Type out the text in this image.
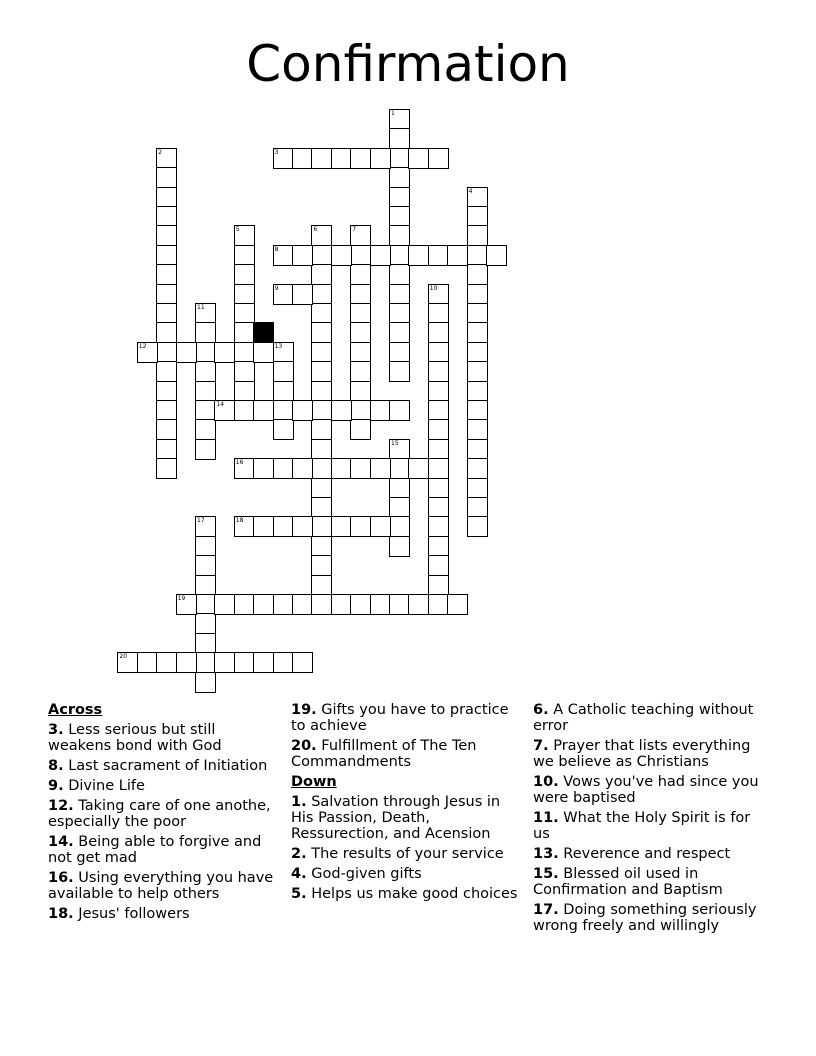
Confirmation
1
2	3
4
5	6	7
8
9	10
11
12	13
14
15
16
17	18
19
20
Across
3. Less serious but still weakens bond with God
8. Last sacrament of Initiation
9. Divine Life
12. Taking care of one anothe, especially the poor
14. Being able to forgive and not get mad
16. Using everything you have available to help others
18. Jesus' followers
19. Gifts you have to practice to achieve
20. Fulfillment of The Ten Commandments
Down
1. Salvation through Jesus in His Passion, Death, Ressurection, and Acension
2. The results of your service
4. God-given gifts
5. Helps us make good choices
6. A Catholic teaching without error
7. Prayer that lists everything we believe as Christians
10. Vows you've had since you were baptised
11. What the Holy Spirit is for us
13. Reverence and respect
15. Blessed oil used in Confirmation and Baptism
17. Doing something seriously wrong freely and willingly
